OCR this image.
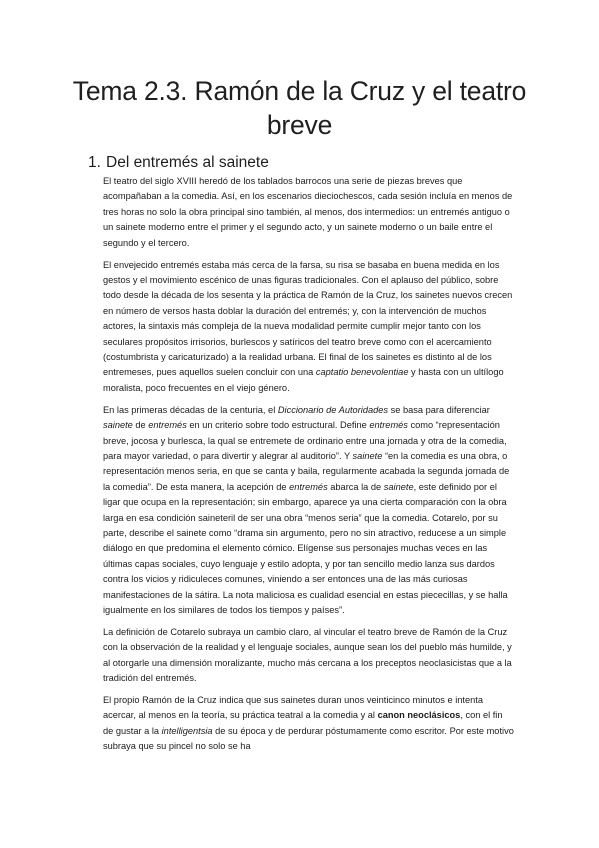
Tema 2.3. Ramón de la Cruz y el teatro breve
1. Del entremés al sainete

El teatro del siglo XVIII heredó de los tablados barrocos una serie de piezas breves que acompañaban a la comedia. Así, en los escenarios dieciochescos, cada sesión incluía en menos de tres horas no solo la obra principal sino también, al menos, dos intermedios: un entremés antiguo o un sainete moderno entre el primer y el segundo acto, y un sainete moderno o un baile entre el segundo y el tercero.

El envejecido entremés estaba más cerca de la farsa, su risa se basaba en buena medida en los gestos y el movimiento escénico de unas figuras tradicionales. Con el aplauso del público, sobre todo desde la década de los sesenta y la práctica de Ramón de la Cruz, los sainetes nuevos crecen en número de versos hasta doblar la duración del entremés; y, con la intervención de muchos actores, la sintaxis más compleja de la nueva modalidad permite cumplir mejor tanto con los seculares propósitos irrisorios, burlescos y satíricos del teatro breve como con el acercamiento (costumbrista y caricaturizado) a la realidad urbana. El final de los sainetes es distinto al de los entremeses, pues aquellos suelen concluir con una captatio benevolentiae y hasta con un ultílogo moralista, poco frecuentes en el viejo género.

En las primeras décadas de la centuria, el Diccionario de Autoridades se basa para diferenciar sainete de entremés en un criterio sobre todo estructural. Define entremés como “representación breve, jocosa y burlesca, la qual se entremete de ordinario entre una jornada y otra de la comedia, para mayor variedad, o para divertir y alegrar al auditorio”. Y sainete “en la comedia es una obra, o representación menos seria, en que se canta y baila, regularmente acabada la segunda jornada de la comedia”. De esta manera, la acepción de entremés abarca la de sainete, este definido por el ligar que ocupa en la representación; sin embargo, aparece ya una cierta comparación con la obra larga en esa condición saineteril de ser una obra “menos seria” que la comedia. Cotarelo, por su parte, describe el sainete como “drama sin argumento, pero no sin atractivo, reducese a un simple diálogo en que predomina el elemento cómico. Elígense sus personajes muchas veces en las últimas capas sociales, cuyo lenguaje y estilo adopta, y por tan sencillo medio lanza sus dardos contra los vicios y ridiculeces comunes, viniendo a ser entonces una de las más curiosas manifestaciones de la sátira. La nota maliciosa es cualidad esencial en estas piececillas, y se halla igualmente en los similares de todos los tiempos y países”.

La definición de Cotarelo subraya un cambio claro, al vincular el teatro breve de Ramón de la Cruz con la observación de la realidad y el lenguaje sociales, aunque sean los del pueblo más humilde, y al otorgarle una dimensión moralizante, mucho más cercana a los preceptos neoclasicistas que a la tradición del entremés.

El propio Ramón de la Cruz indica que sus sainetes duran unos veinticinco minutos e intenta acercar, al menos en la teoría, su práctica teatral a la comedia y al canon neoclásicos, con el fin de gustar a la intelligentsia de su época y de perdurar póstumamente como escritor. Por este motivo subraya que su pincel no solo se ha
